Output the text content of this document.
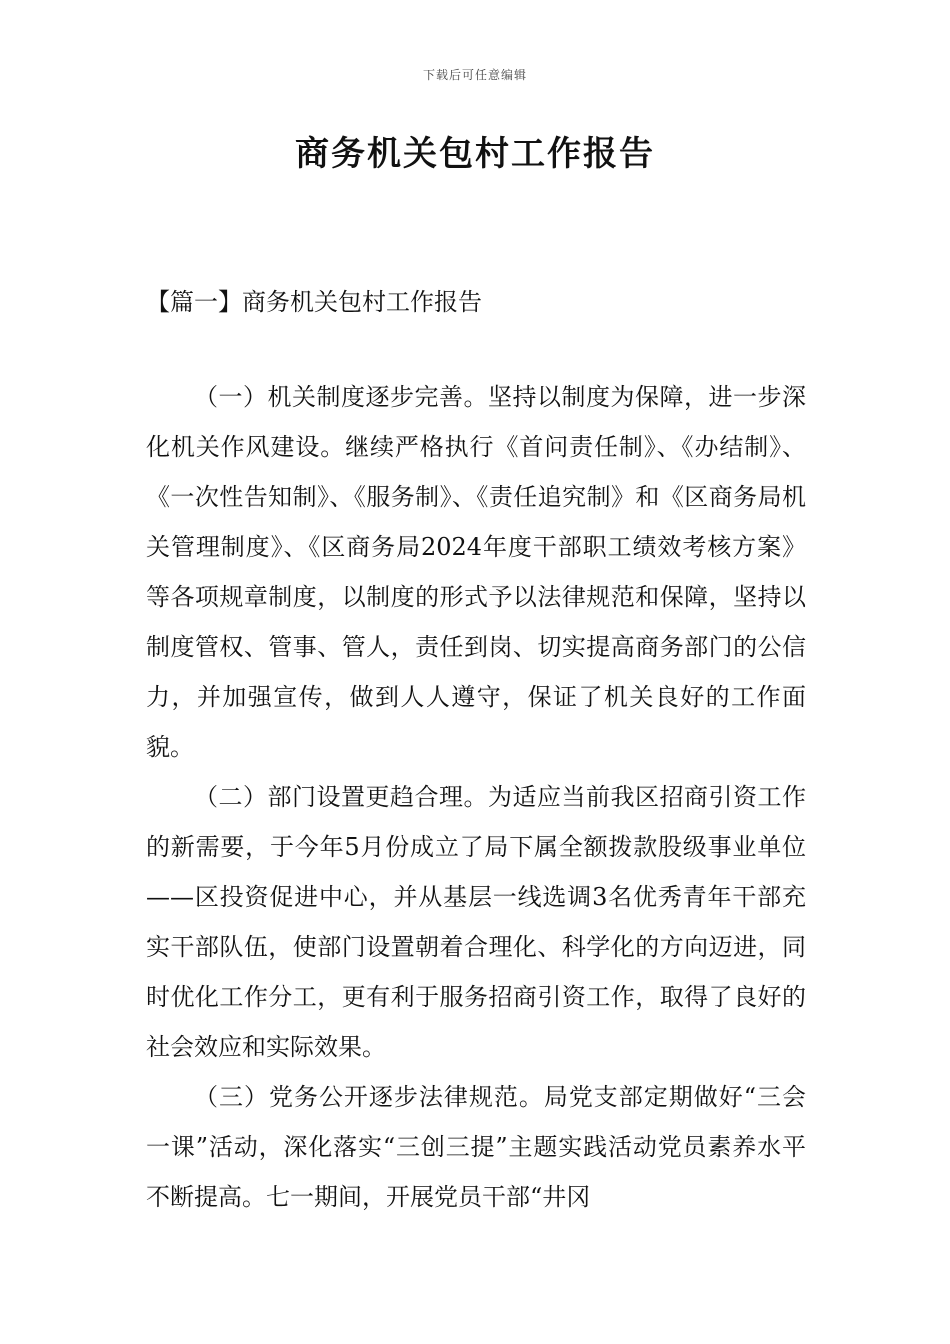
下载后可任意编辑
商务机关包村工作报告
【篇一】商务机关包村工作报告

（一）机关制度逐步完善。坚持以制度为保障，进一步深化机关作风建设。继续严格执行《首问责任制》、《办结制》、《一次性告知制》、《服务制》、《责任追究制》和《区商务局机关管理制度》、《区商务局2024年度干部职工绩效考核方案》等各项规章制度，以制度的形式予以法律规范和保障，坚持以制度管权、管事、管人，责任到岗、切实提高商务部门的公信力，并加强宣传，做到人人遵守，保证了机关良好的工作面貌。

（二）部门设置更趋合理。为适应当前我区招商引资工作的新需要，于今年5月份成立了局下属全额拨款股级事业单位——区投资促进中心，并从基层一线选调3名优秀青年干部充实干部队伍，使部门设置朝着合理化、科学化的方向迈进，同时优化工作分工，更有利于服务招商引资工作，取得了良好的社会效应和实际效果。

（三）党务公开逐步法律规范。局党支部定期做好“三会一课”活动，深化落实“三创三提”主题实践活动党员素养水平不断提高。七一期间，开展党员干部“井冈
